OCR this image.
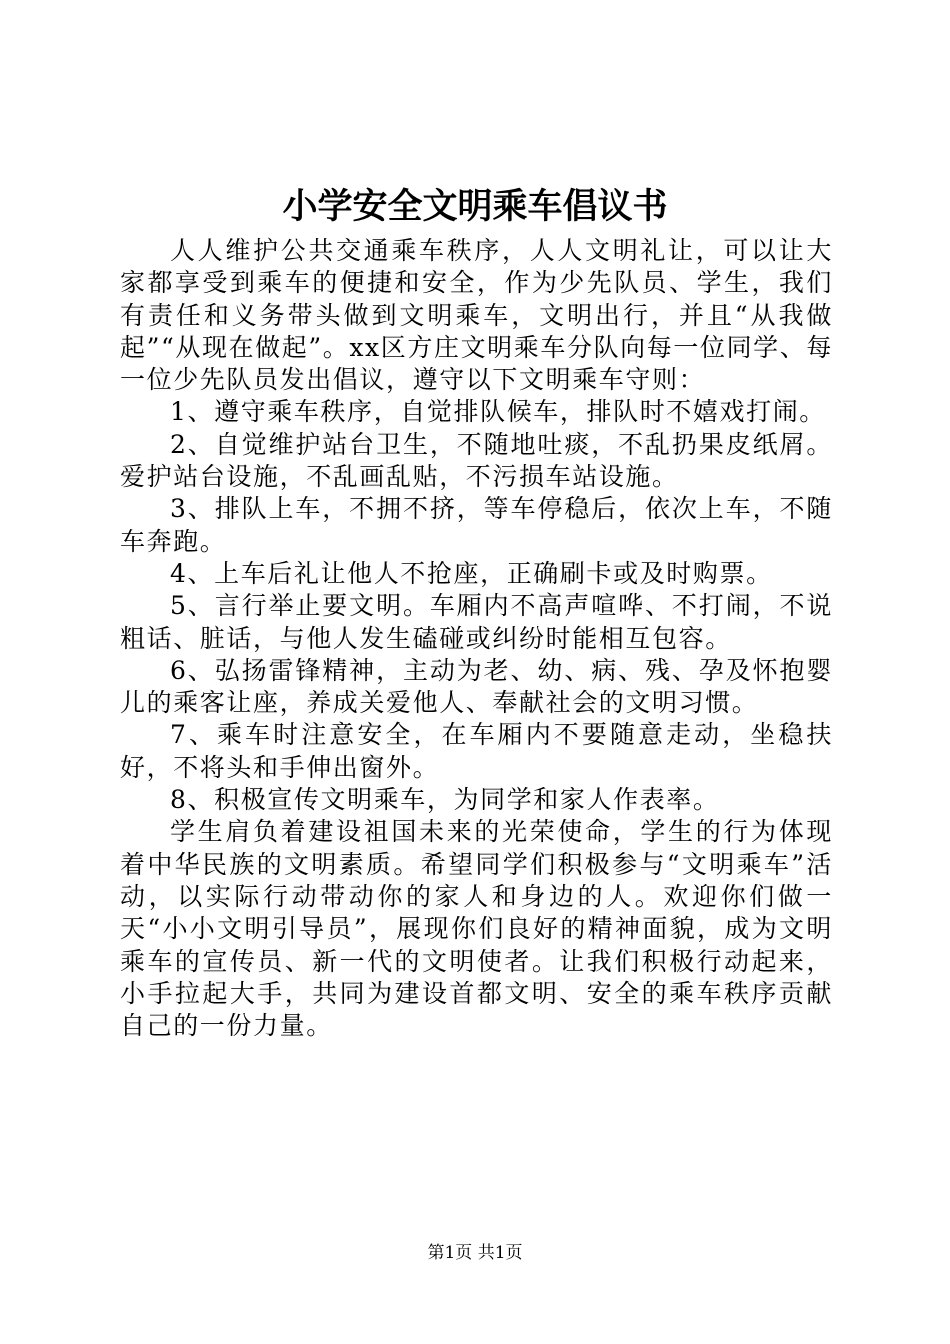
小学安全文明乘车倡议书

人人维护公共交通乘车秩序，人人文明礼让，可以让大家都享受到乘车的便捷和安全，作为少先队员、学生，我们有责任和义务带头做到文明乘车，文明出行，并且“从我做起”“从现在做起”。xx区方庄文明乘车分队向每一位同学、每一位少先队员发出倡议，遵守以下文明乘车守则：

1、遵守乘车秩序，自觉排队候车，排队时不嬉戏打闹。

2、自觉维护站台卫生，不随地吐痰，不乱扔果皮纸屑。爱护站台设施，不乱画乱贴，不污损车站设施。

3、排队上车，不拥不挤，等车停稳后，依次上车，不随车奔跑。

4、上车后礼让他人不抢座，正确刷卡或及时购票。

5、言行举止要文明。车厢内不高声喧哗、不打闹，不说粗话、脏话，与他人发生磕碰或纠纷时能相互包容。

6、弘扬雷锋精神，主动为老、幼、病、残、孕及怀抱婴儿的乘客让座，养成关爱他人、奉献社会的文明习惯。

7、乘车时注意安全，在车厢内不要随意走动，坐稳扶好，不将头和手伸出窗外。

8、积极宣传文明乘车，为同学和家人作表率。

学生肩负着建设祖国未来的光荣使命，学生的行为体现着中华民族的文明素质。希望同学们积极参与“文明乘车”活动，以实际行动带动你的家人和身边的人。欢迎你们做一天“小小文明引导员”，展现你们良好的精神面貌，成为文明乘车的宣传员、新一代的文明使者。让我们积极行动起来，小手拉起大手，共同为建设首都文明、安全的乘车秩序贡献自己的一份力量。

第1页 共1页
